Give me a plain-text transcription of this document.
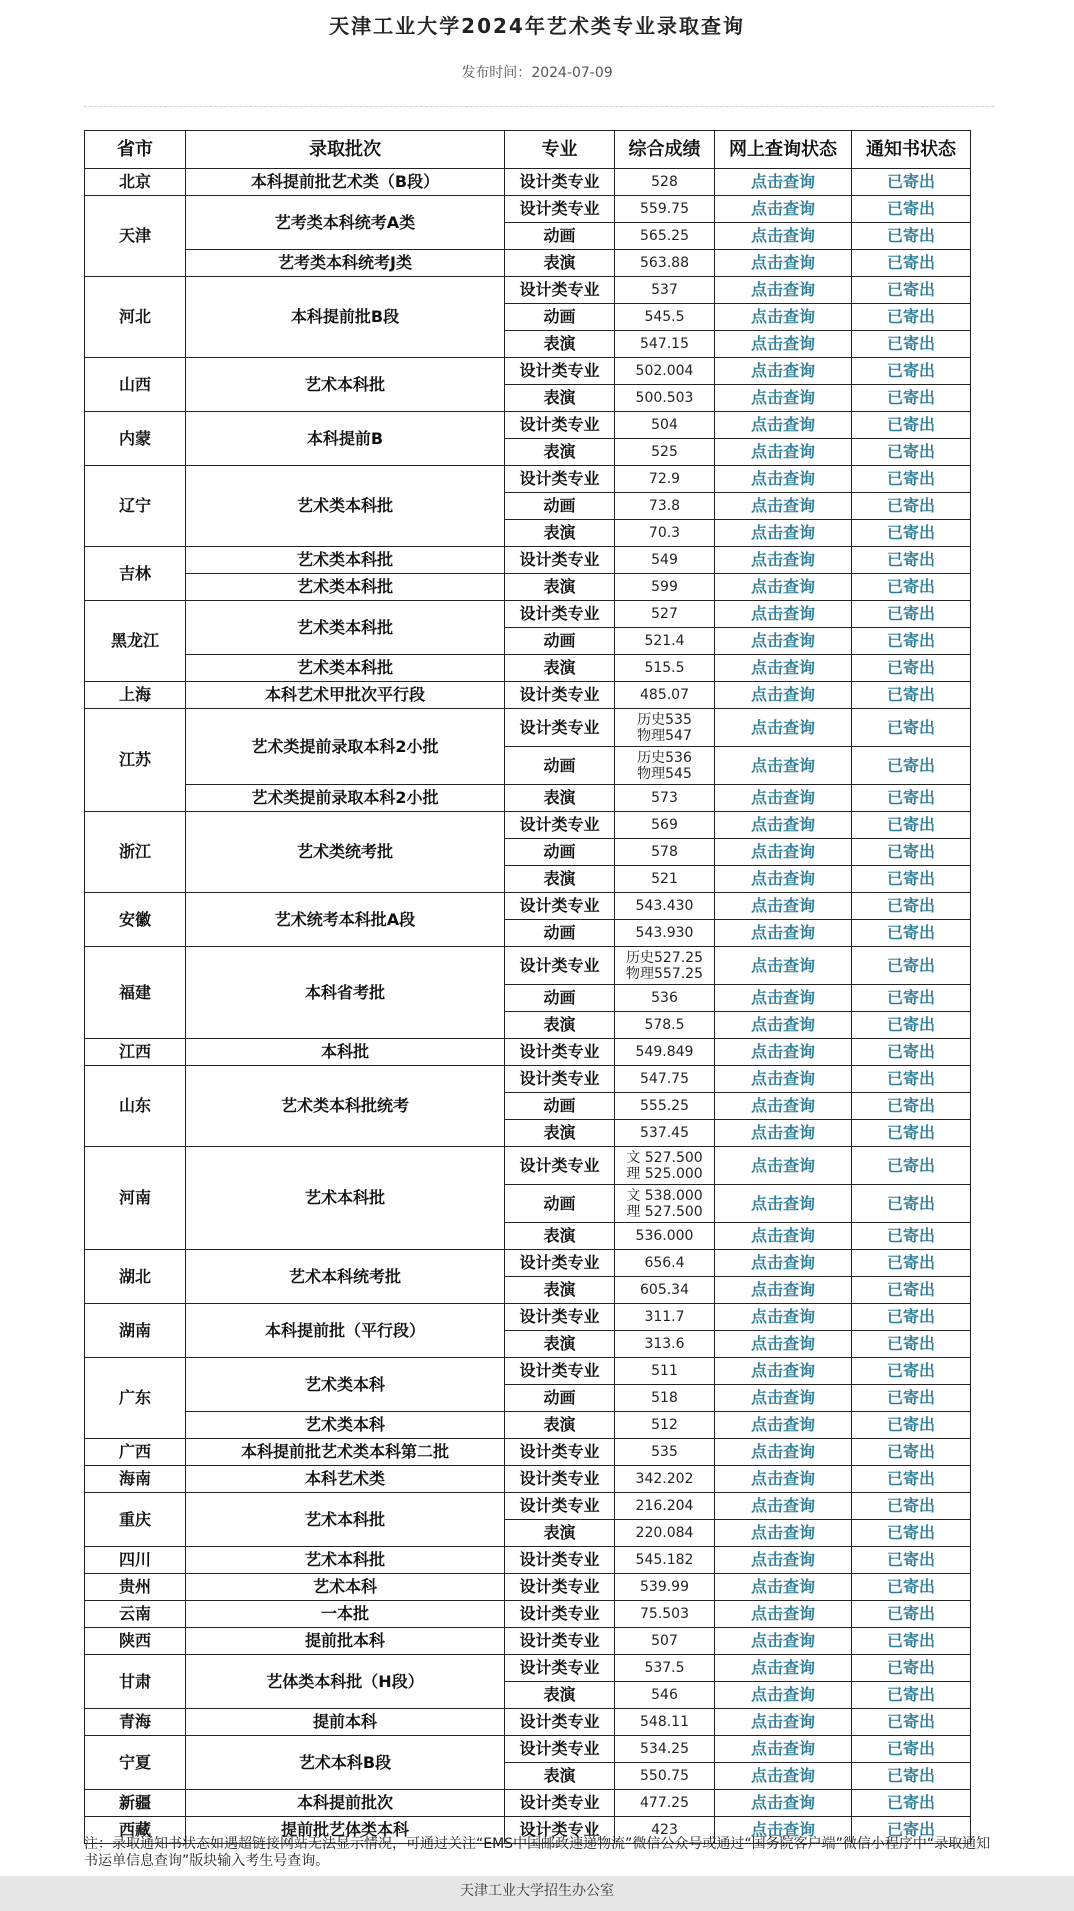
天津工业大学2024年艺术类专业录取查询
发布时间：2024-07-09
省市	录取批次	专业	综合成绩	网上查询状态	通知书状态
北京	本科提前批艺术类（B段）	设计类专业	528	点击查询	已寄出
天津	艺考类本科统考A类	设计类专业	559.75	点击查询	已寄出
		动画	565.25	点击查询	已寄出
	艺考类本科统考J类	表演	563.88	点击查询	已寄出
河北	本科提前批B段	设计类专业	537	点击查询	已寄出
		动画	545.5	点击查询	已寄出
		表演	547.15	点击查询	已寄出
山西	艺术本科批	设计类专业	502.004	点击查询	已寄出
		表演	500.503	点击查询	已寄出
内蒙	本科提前B	设计类专业	504	点击查询	已寄出
		表演	525	点击查询	已寄出
辽宁	艺术类本科批	设计类专业	72.9	点击查询	已寄出
		动画	73.8	点击查询	已寄出
		表演	70.3	点击查询	已寄出
吉林	艺术类本科批	设计类专业	549	点击查询	已寄出
	艺术类本科批	表演	599	点击查询	已寄出
黑龙江	艺术类本科批	设计类专业	527	点击查询	已寄出
		动画	521.4	点击查询	已寄出
	艺术类本科批	表演	515.5	点击查询	已寄出
上海	本科艺术甲批次平行段	设计类专业	485.07	点击查询	已寄出
江苏	艺术类提前录取本科2小批	设计类专业	历史535
物理547	点击查询	已寄出
		动画	历史536
物理545	点击查询	已寄出
	艺术类提前录取本科2小批	表演	573	点击查询	已寄出
浙江	艺术类统考批	设计类专业	569	点击查询	已寄出
		动画	578	点击查询	已寄出
		表演	521	点击查询	已寄出
安徽	艺术统考本科批A段	设计类专业	543.430	点击查询	已寄出
		动画	543.930	点击查询	已寄出
福建	本科省考批	设计类专业	历史527.25
物理557.25	点击查询	已寄出
		动画	536	点击查询	已寄出
		表演	578.5	点击查询	已寄出
江西	本科批	设计类专业	549.849	点击查询	已寄出
山东	艺术类本科批统考	设计类专业	547.75	点击查询	已寄出
		动画	555.25	点击查询	已寄出
		表演	537.45	点击查询	已寄出
河南	艺术本科批	设计类专业	文 527.500
理 525.000	点击查询	已寄出
		动画	文 538.000
理 527.500	点击查询	已寄出
		表演	536.000	点击查询	已寄出
湖北	艺术本科统考批	设计类专业	656.4	点击查询	已寄出
		表演	605.34	点击查询	已寄出
湖南	本科提前批（平行段）	设计类专业	311.7	点击查询	已寄出
		表演	313.6	点击查询	已寄出
广东	艺术类本科	设计类专业	511	点击查询	已寄出
		动画	518	点击查询	已寄出
	艺术类本科	表演	512	点击查询	已寄出
广西	本科提前批艺术类本科第二批	设计类专业	535	点击查询	已寄出
海南	本科艺术类	设计类专业	342.202	点击查询	已寄出
重庆	艺术本科批	设计类专业	216.204	点击查询	已寄出
		表演	220.084	点击查询	已寄出
四川	艺术本科批	设计类专业	545.182	点击查询	已寄出
贵州	艺术本科	设计类专业	539.99	点击查询	已寄出
云南	一本批	设计类专业	75.503	点击查询	已寄出
陕西	提前批本科	设计类专业	507	点击查询	已寄出
甘肃	艺体类本科批（H段）	设计类专业	537.5	点击查询	已寄出
		表演	546	点击查询	已寄出
青海	提前本科	设计类专业	548.11	点击查询	已寄出
宁夏	艺术本科B段	设计类专业	534.25	点击查询	已寄出
		表演	550.75	点击查询	已寄出
新疆	本科提前批次	设计类专业	477.25	点击查询	已寄出
西藏	提前批艺体类本科	设计类专业	423	点击查询	已寄出
注：录取通知书状态如遇超链接网站无法显示情况，可通过关注“EMS中国邮政速递物流”微信公众号或通过“国务院客户端”微信小程序中“录取通知书运单信息查询”版块输入考生号查询。
天津工业大学招生办公室
